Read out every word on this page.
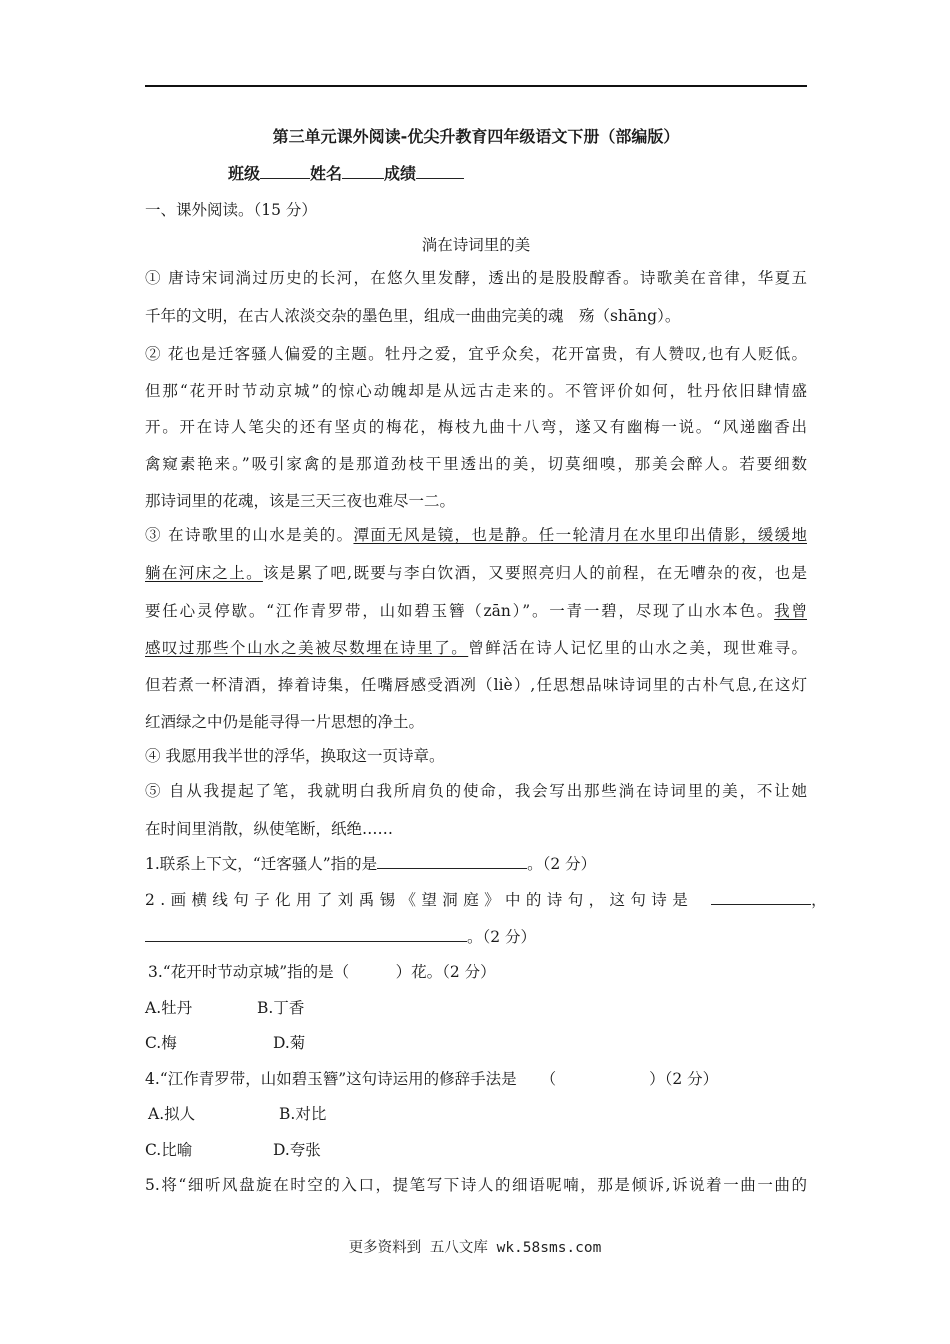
第三单元课外阅读-优尖升教育四年级语文下册（部编版）
班级	姓名	成绩
一、课外阅读。（15 分）
淌在诗词里的美
① 唐诗宋词淌过历史的长河，在悠久里发酵，透出的是股股醇香。诗歌美在音律，华夏五
千年的文明，在古人浓淡交杂的墨色里，组成一曲曲完美的魂　殇（shāng）。
② 花也是迁客骚人偏爱的主题。牡丹之爱，宜乎众矣，花开富贵，有人赞叹,也有人贬低。
但那“花开时节动京城”的惊心动魄却是从远古走来的。不管评价如何，牡丹依旧肆情盛
开。开在诗人笔尖的还有坚贞的梅花，梅枝九曲十八弯，遂又有幽梅一说。“风递幽香出
禽窥素艳来。”吸引家禽的是那道劲枝干里透出的美，切莫细嗅，那美会醉人。若要细数
那诗词里的花魂，该是三天三夜也难尽一二。
③ 在诗歌里的山水是美的。潭面无风是镜，也是静。任一轮清月在水里印出倩影，缓缓地
躺在河床之上。该是累了吧,既要与李白饮酒，又要照亮归人的前程，在无嘈杂的夜，也是
要任心灵停歇。“江作青罗带，山如碧玉簪（zān）”。一青一碧，尽现了山水本色。我曾
感叹过那些个山水之美被尽数埋在诗里了。曾鲜活在诗人记忆里的山水之美，现世难寻。
但若煮一杯清酒，捧着诗集，任嘴唇感受酒冽（liè）,任思想品味诗词里的古朴气息,在这灯
红酒绿之中仍是能寻得一片思想的净土。
④ 我愿用我半世的浮华，换取这一页诗章。
⑤ 自从我提起了笔，我就明白我所肩负的使命，我会写出那些淌在诗词里的美，不让她
在时间里消散，纵使笔断，纸绝……
1.联系上下文，“迁客骚人”指的是	。（2 分）
2.画横线句子化用了刘禹锡《望洞庭》中的诗句，这句诗是	，
。（2 分）
3.“花开时节动京城”指的是（　　　）花。（2 分）
A.牡丹	B.丁香
C.梅	D.菊
4.“江作青罗带，山如碧玉簪”这句诗运用的修辞手法是 （　　　　　　）（2 分）
A.拟人	B.对比
C.比喻	D.夸张
5.将“细听风盘旋在时空的入口，提笔写下诗人的细语呢喃，那是倾诉,诉说着一曲一曲的
更多资料到 五八文库 wk.58sms.com
